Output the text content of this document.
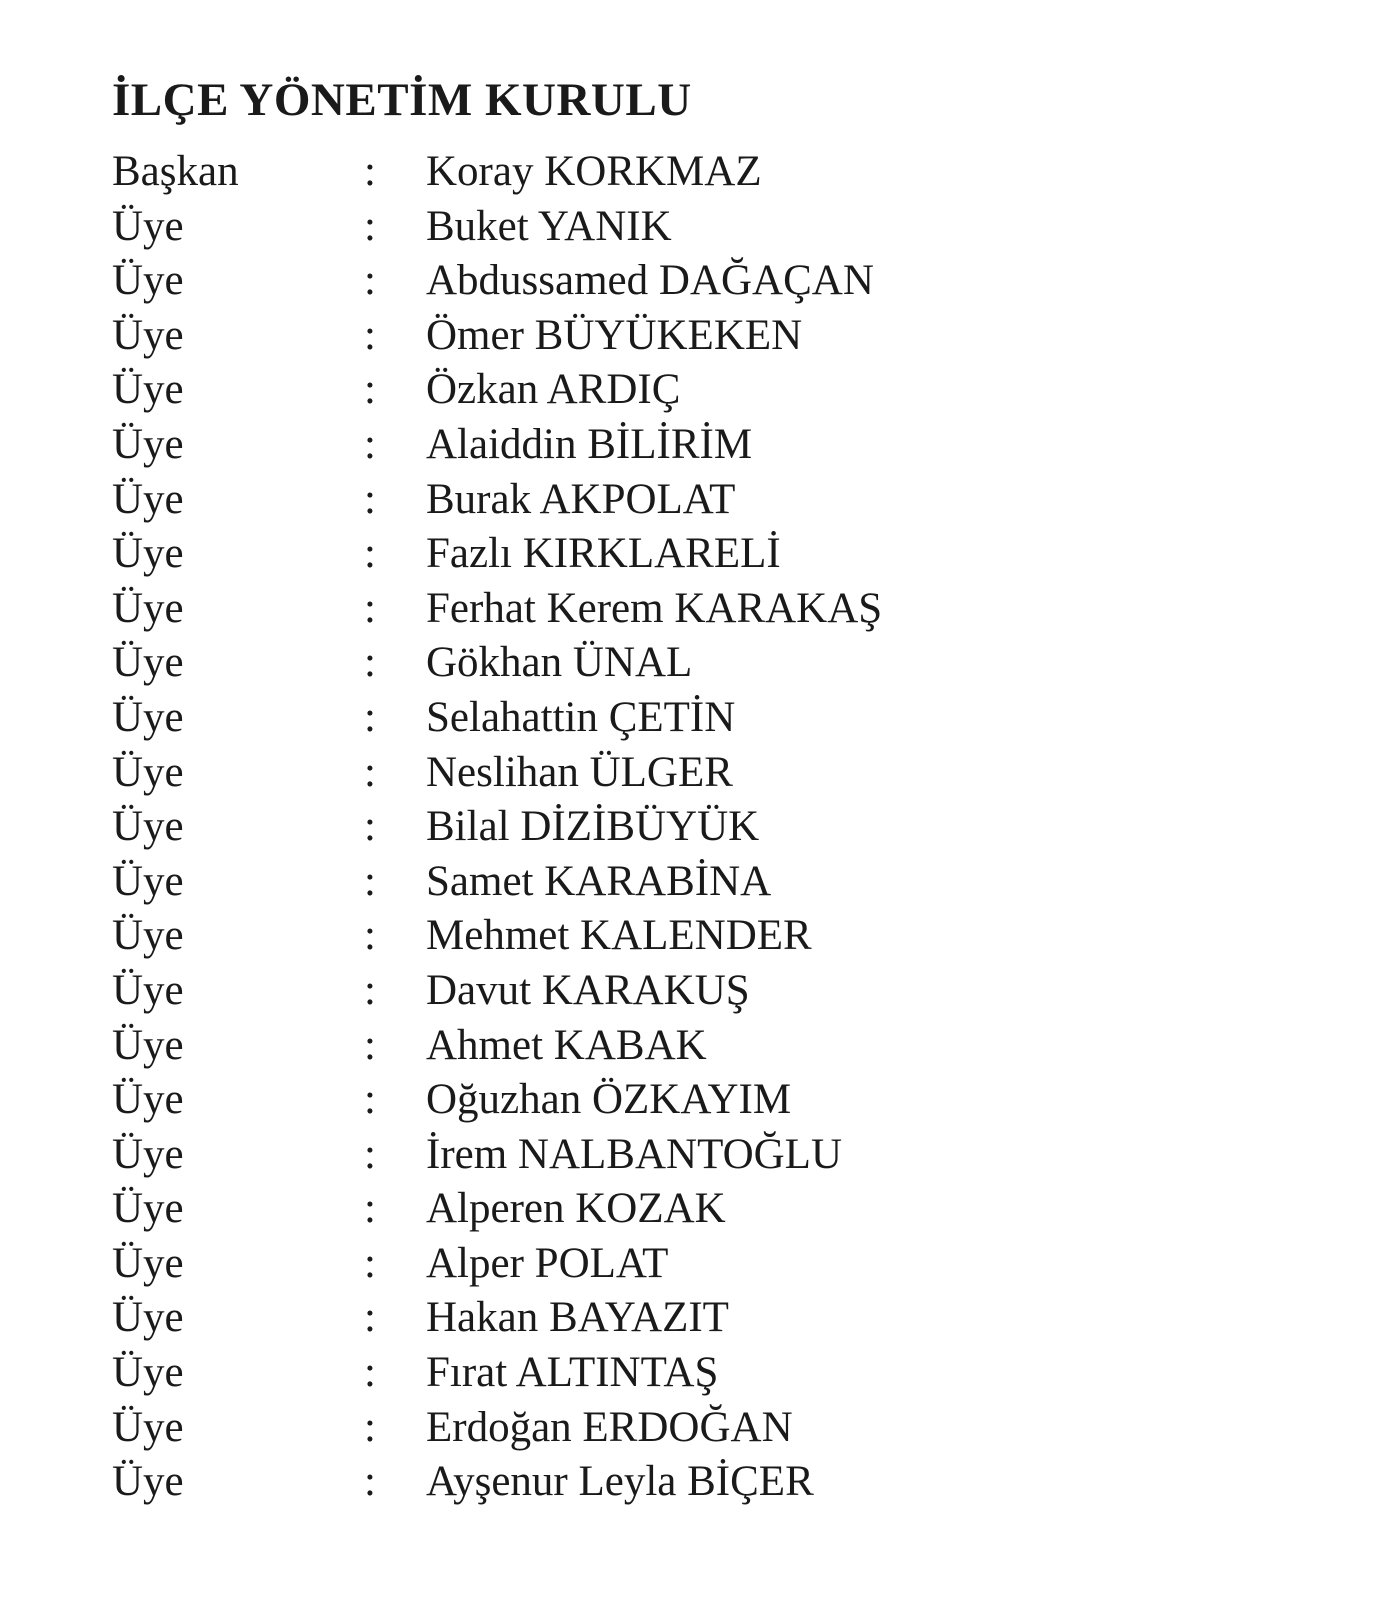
İLÇE YÖNETİM KURULU
Başkan	:	Koray KORKMAZ
Üye	:	Buket YANIK
Üye	:	Abdussamed DAĞAÇAN
Üye	:	Ömer BÜYÜKEKEN
Üye	:	Özkan ARDIÇ
Üye	:	Alaiddin BİLİRİM
Üye	:	Burak AKPOLAT
Üye	:	Fazlı KIRKLARELİ
Üye	:	Ferhat Kerem KARAKAŞ
Üye	:	Gökhan ÜNAL
Üye	:	Selahattin ÇETİN
Üye	:	Neslihan ÜLGER
Üye	:	Bilal DİZİBÜYÜK
Üye	:	Samet KARABİNA
Üye	:	Mehmet KALENDER
Üye	:	Davut KARAKUŞ
Üye	:	Ahmet KABAK
Üye	:	Oğuzhan ÖZKAYIM
Üye	:	İrem NALBANTOĞLU
Üye	:	Alperen KOZAK
Üye	:	Alper POLAT
Üye	:	Hakan BAYAZIT
Üye	:	Fırat ALTINTAŞ
Üye	:	Erdoğan ERDOĞAN
Üye	:	Ayşenur Leyla BİÇER
